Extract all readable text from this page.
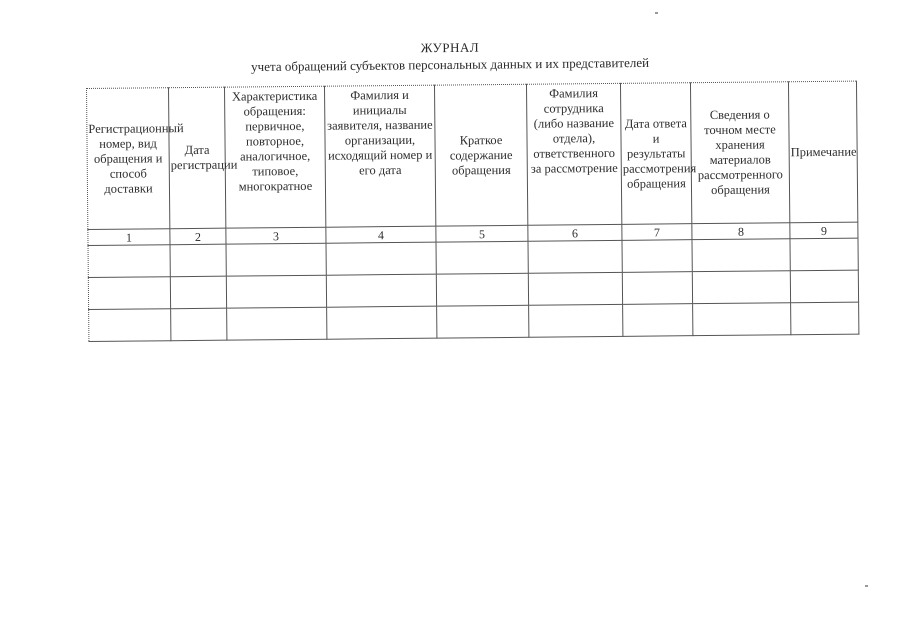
ЖУРНАЛ
учета обращений субъектов персональных данных и их представителей
Регистрационный номер, вид обращения и способ доставки	Дата регистрации	Характеристика обращения: первичное, повторное, аналогичное, типовое, многократное	Фамилия и инициалы заявителя, название организации, исходящий номер и его дата	Краткое содержание обращения	Фамилия сотрудника (либо название отдела), ответственного за рассмотрение	Дата ответа и результаты рассмотрения обращения	Сведения о точном месте хранения материалов рассмотренного обращения	Примечание
1	2	3	4	5	6	7	8	9
